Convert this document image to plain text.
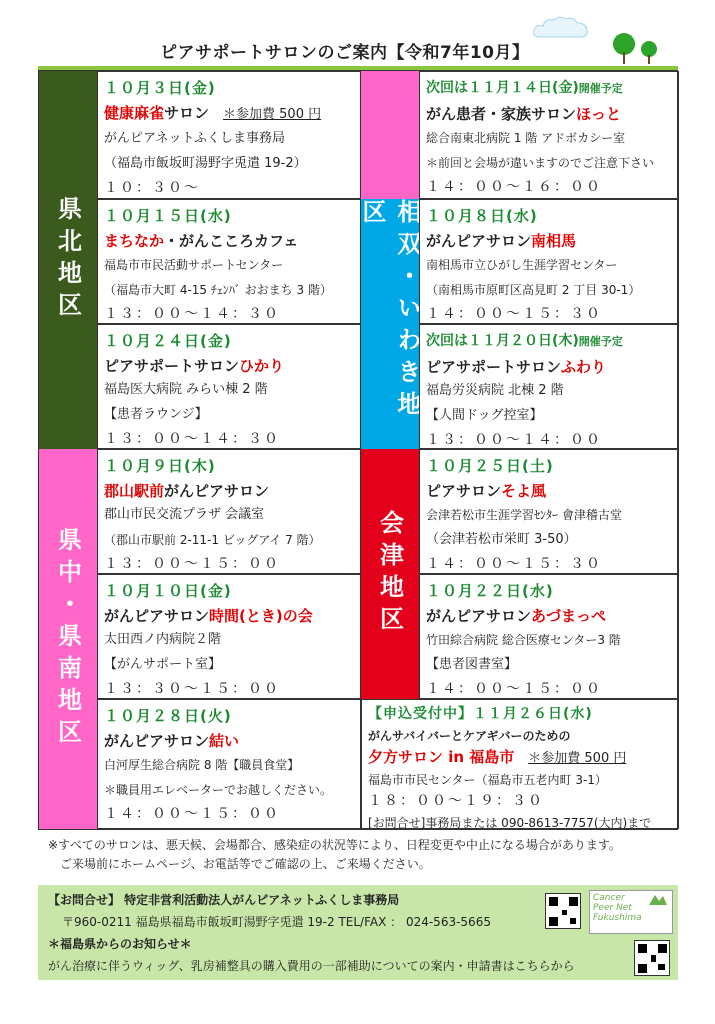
ピアサポートサロンのご案内【令和7年10月】
県北地区
県中・県南地区
相双・いわき地区
会津地区
１０月３日(金)
健康麻雀サロン ＊参加費 500 円
がんピアネットふくしま事務局
（福島市飯坂町湯野字兎遣 19-2）
１０：３０～
１０月１５日(水)
まちなか・がんこころカフェ
福島市市民活動サポートセンター
（福島市大町 4-15 ﾁｪﾝﾊﾞ おおまち 3 階）
１３：００～１４：３０
１０月２４日(金)
ピアサポートサロンひかり
福島医大病院 みらい棟 2 階
【患者ラウンジ】
１３：００～１４：３０
１０月９日(木)
郡山駅前がんピアサロン
郡山市民交流プラザ 会議室
（郡山市駅前 2-11-1 ビッグアイ 7 階）
１３：００～１５：００
１０月１０日(金)
がんピアサロン時間(とき)の会
太田西ノ内病院２階
【がんサポート室】
１３：３０～１５：００
１０月２８日(火)
がんピアサロン結い
白河厚生総合病院 8 階【職員食堂】
＊職員用エレベーターでお越しください。
１４：００～１５：００
次回は１１月１４日(金)開催予定
がん患者・家族サロンほっと
総合南東北病院 1 階 アドボカシー室
＊前回と会場が違いますのでご注意下さい
１４：００～１６：００
１０月８日(水)
がんピアサロン南相馬
南相馬市立ひがし生涯学習センター
（南相馬市原町区高見町 2 丁目 30-1）
１４：００～１５：３０
次回は１１月２０日(木)開催予定
ピアサポートサロンふわり
福島労災病院 北棟 2 階
【人間ドッグ控室】
１３：００～１４：００
１０月２５日(土)
ピアサロンそよ風
会津若松市生涯学習ｾﾝﾀｰ 會津稽古堂
（会津若松市栄町 3-50）
１４：００～１５：３０
１０月２２日(水)
がんピアサロンあづまっぺ
竹田綜合病院 総合医療センター3 階
【患者図書室】
１４：００～１５：００
【申込受付中】１１月２６日(水)
がんサバイバーとケアギバーのための
夕方サロン in 福島市 ＊参加費 500 円
福島市市民センター（福島市五老内町 3-1）
１８：００～１９：３０
[お問合せ]事務局または 090-8613-7757(大内)まで
※すべてのサロンは、悪天候、会場都合、感染症の状況等により、日程変更や中止になる場合があります。
ご来場前にホームページ、お電話等でご確認の上、ご来場ください。
【お問合せ】 特定非営利活動法人がんピアネットふくしま事務局
〒960-0211 福島県福島市飯坂町湯野字兎遣 19-2 TEL/FAX ： 024-563-5665
＊福島県からのお知らせ＊
がん治療に伴うウィッグ、乳房補整具の購入費用の一部補助についての案内・申請書はこちらから
Cancer Peer Net Fukushima
